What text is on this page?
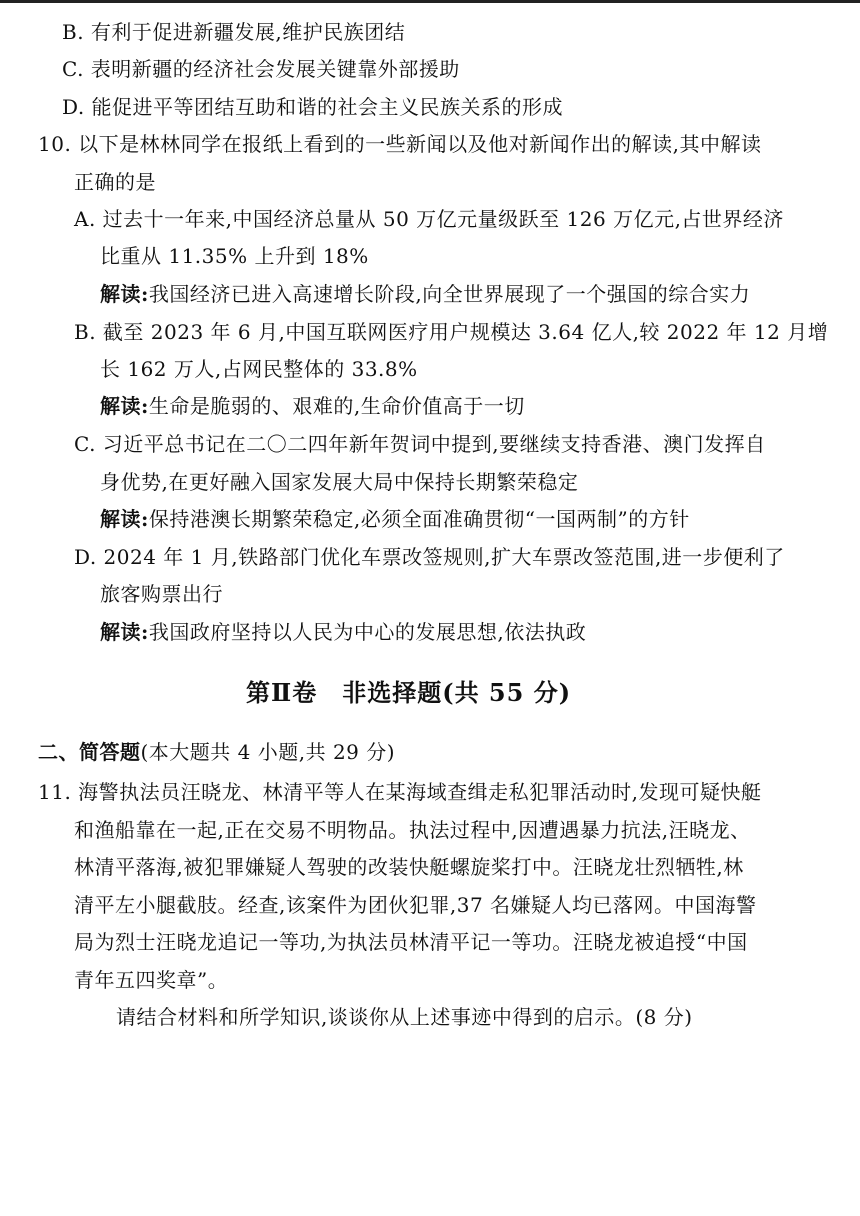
B. 有利于促进新疆发展,维护民族团结
C. 表明新疆的经济社会发展关键靠外部援助
D. 能促进平等团结互助和谐的社会主义民族关系的形成
10. 以下是林林同学在报纸上看到的一些新闻以及他对新闻作出的解读,其中解读
正确的是
A. 过去十一年来,中国经济总量从 50 万亿元量级跃至 126 万亿元,占世界经济
比重从 11.35% 上升到 18%
解读:我国经济已进入高速增长阶段,向全世界展现了一个强国的综合实力
B. 截至 2023 年 6 月,中国互联网医疗用户规模达 3.64 亿人,较 2022 年 12 月增
长 162 万人,占网民整体的 33.8%
解读:生命是脆弱的、艰难的,生命价值高于一切
C. 习近平总书记在二〇二四年新年贺词中提到,要继续支持香港、澳门发挥自
身优势,在更好融入国家发展大局中保持长期繁荣稳定
解读:保持港澳长期繁荣稳定,必须全面准确贯彻“一国两制”的方针
D. 2024 年 1 月,铁路部门优化车票改签规则,扩大车票改签范围,进一步便利了
旅客购票出行
解读:我国政府坚持以人民为中心的发展思想,依法执政
第Ⅱ卷　非选择题(共 55 分)
二、简答题(本大题共 4 小题,共 29 分)
11. 海警执法员汪晓龙、林清平等人在某海域查缉走私犯罪活动时,发现可疑快艇
和渔船靠在一起,正在交易不明物品。执法过程中,因遭遇暴力抗法,汪晓龙、
林清平落海,被犯罪嫌疑人驾驶的改装快艇螺旋桨打中。汪晓龙壮烈牺牲,林
清平左小腿截肢。经查,该案件为团伙犯罪,37 名嫌疑人均已落网。中国海警
局为烈士汪晓龙追记一等功,为执法员林清平记一等功。汪晓龙被追授“中国
青年五四奖章”。
请结合材料和所学知识,谈谈你从上述事迹中得到的启示。(8 分)
